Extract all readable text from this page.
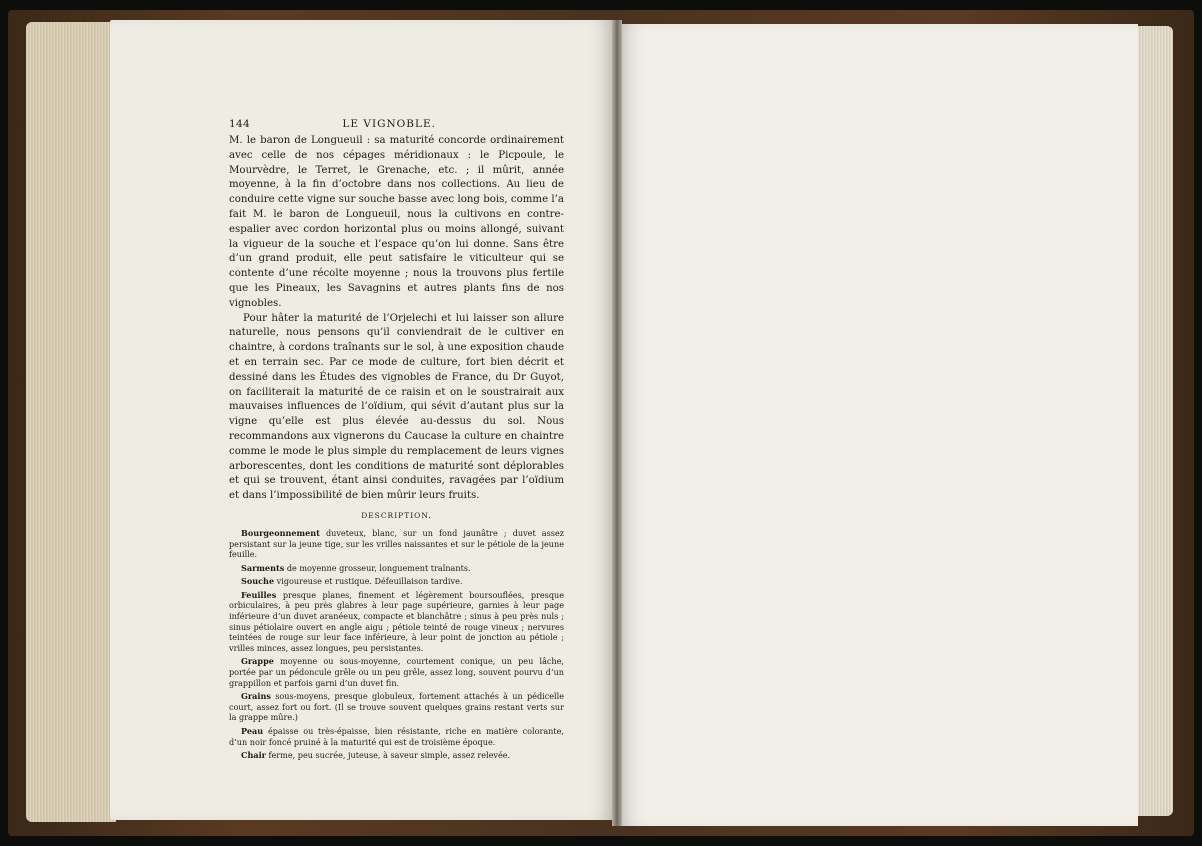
144	LE VIGNOBLE.

M. le baron de Longueuil : sa maturité concorde ordinairement avec celle de nos cépages méridionaux : le Picpoule, le Mourvèdre, le Terret, le Grenache, etc. ; il mûrit, année moyenne, à la fin d’octobre dans nos collections. Au lieu de conduire cette vigne sur souche basse avec long bois, comme l’a fait M. le baron de Longueuil, nous la cultivons en contre-espalier avec cordon horizontal plus ou moins allongé, suivant la vigueur de la souche et l’espace qu’on lui donne. Sans être d’un grand produit, elle peut satisfaire le viticulteur qui se contente d’une récolte moyenne ; nous la trouvons plus fertile que les Pineaux, les Savagnins et autres plants fins de nos vignobles.

Pour hâter la maturité de l’Orjelechi et lui laisser son allure naturelle, nous pensons qu’il conviendrait de le cultiver en chaintre, à cordons traînants sur le sol, à une exposition chaude et en terrain sec. Par ce mode de culture, fort bien décrit et dessiné dans les Études des vignobles de France, du Dr Guyot, on faciliterait la maturité de ce raisin et on le soustrairait aux mauvaises influences de l’oïdium, qui sévit d’autant plus sur la vigne qu’elle est plus élevée au-dessus du sol. Nous recommandons aux vignerons du Caucase la culture en chaintre comme le mode le plus simple du remplacement de leurs vignes arborescentes, dont les conditions de maturité sont déplorables et qui se trouvent, étant ainsi conduites, ravagées par l’oïdium et dans l’impossibilité de bien mûrir leurs fruits.

DESCRIPTION.

Bourgeonnement duveteux, blanc, sur un fond jaunâtre ; duvet assez persistant sur la jeune tige, sur les vrilles naissantes et sur le pétiole de la jeune feuille.

Sarments de moyenne grosseur, longuement traînants.

Souche vigoureuse et rustique. Défeuillaison tardive.

Feuilles presque planes, finement et légèrement boursouflées, presque orbiculaires, à peu près glabres à leur page supérieure, garnies à leur page inférieure d’un duvet aranéeux, compacte et blanchâtre ; sinus à peu près nuls ; sinus pétiolaire ouvert en angle aigu ; pétiole teinté de rouge vineux ; nervures teintées de rouge sur leur face inférieure, à leur point de jonction au pétiole ; vrilles minces, assez longues, peu persistantes.

Grappe moyenne ou sous-moyenne, courtement conique, un peu lâche, portée par un pédoncule grêle ou un peu grêle, assez long, souvent pourvu d’un grappillon et parfois garni d’un duvet fin.

Grains sous-moyens, presque globuleux, fortement attachés à un pédicelle court, assez fort ou fort. (Il se trouve souvent quelques grains restant verts sur la grappe mûre.)

Peau épaisse ou très-épaisse, bien résistante, riche en matière colorante, d’un noir foncé pruiné à la maturité qui est de troisième époque.

Chair ferme, peu sucrée, juteuse, à saveur simple, assez relevée.
